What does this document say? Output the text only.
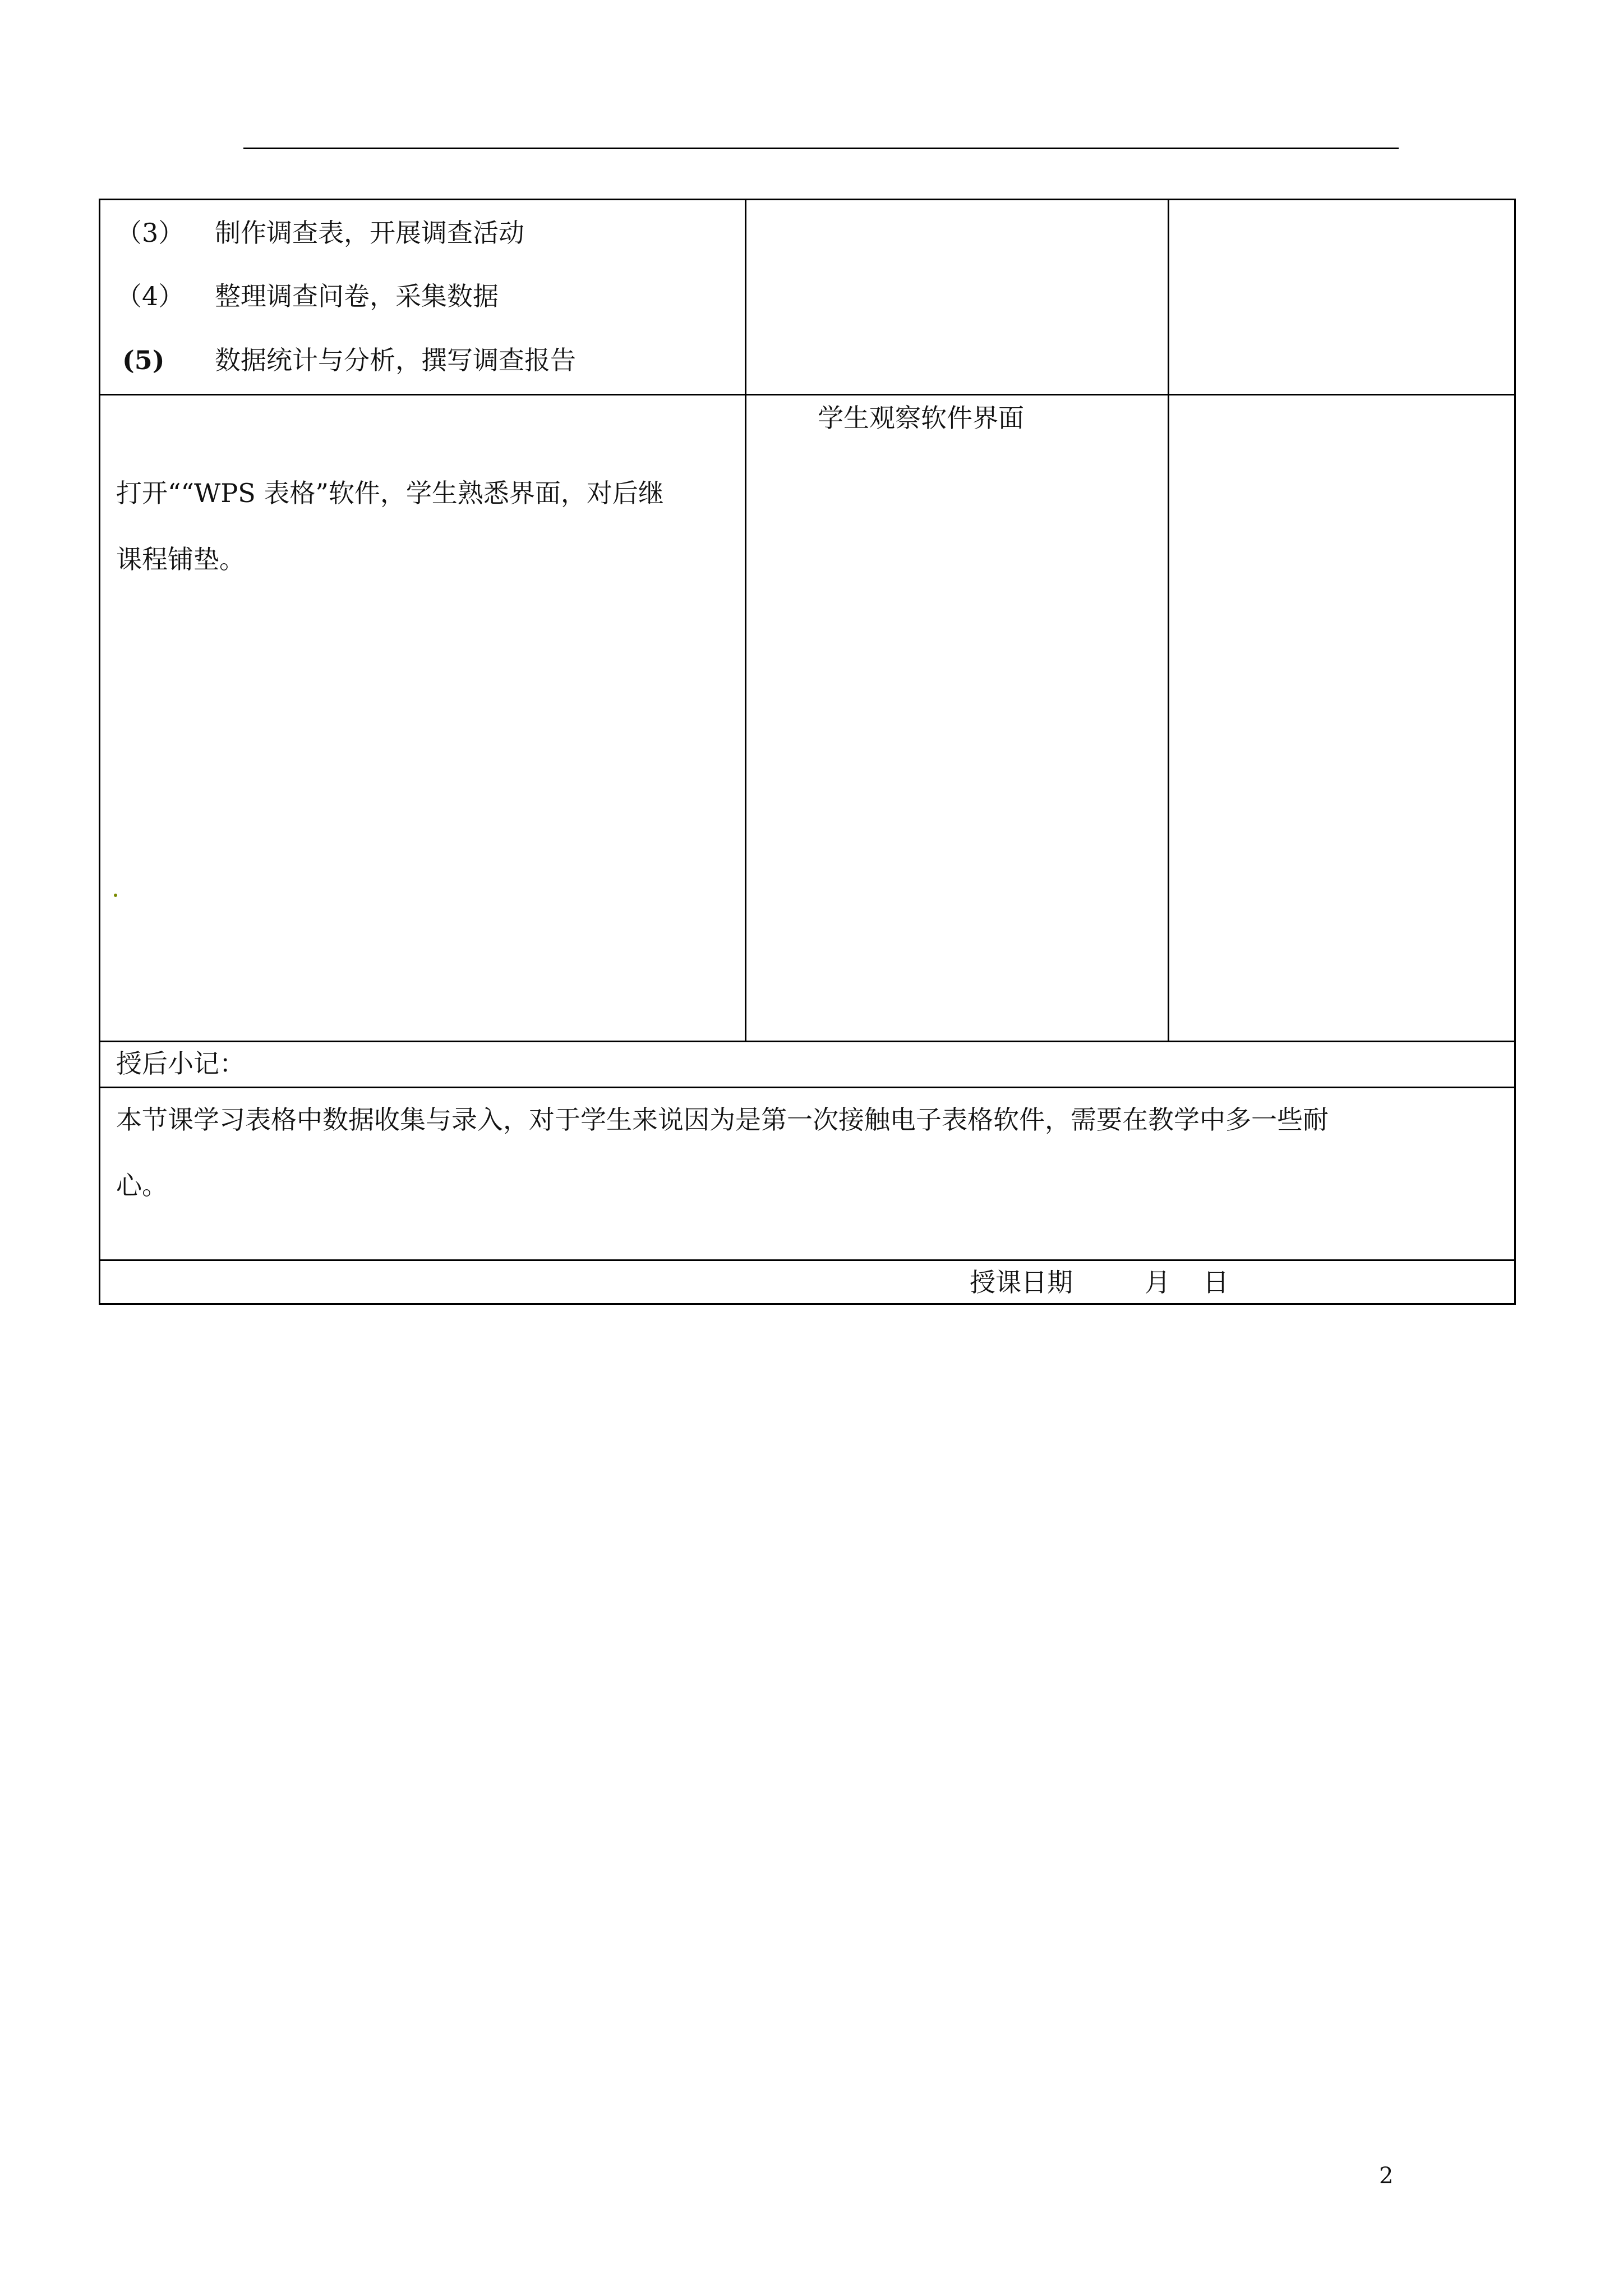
（3） 制作调查表，开展调查活动
（4） 整理调查问卷，采集数据
(5) 数据统计与分析，撰写调查报告
打开““WPS 表格”软件，学生熟悉界面，对后继
课程铺垫。
学生观察软件界面
授后小记：
本节课学习表格中数据收集与录入，对于学生来说因为是第一次接触电子表格软件，需要在教学中多一些耐
心。
授课日期	月 日
2
